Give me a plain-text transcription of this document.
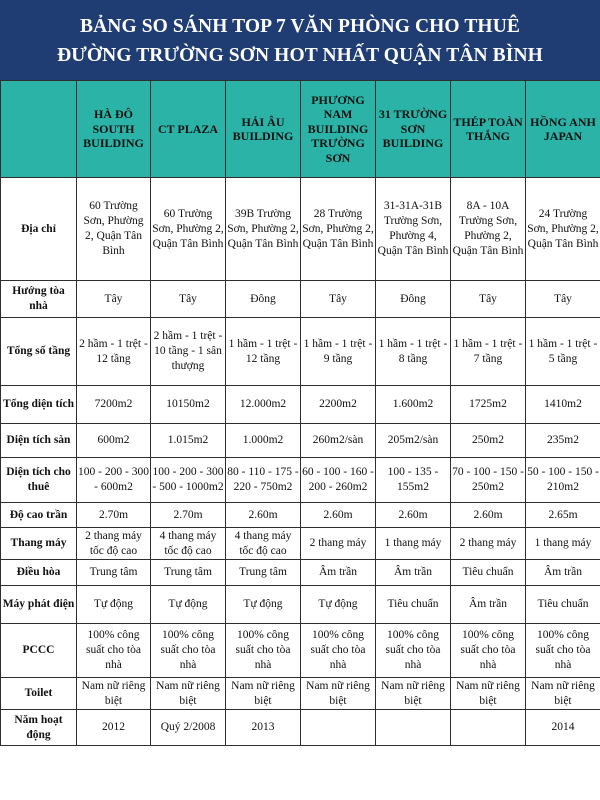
BẢNG SO SÁNH TOP 7 VĂN PHÒNG CHO THUÊ
ĐƯỜNG TRƯỜNG SƠN HOT NHẤT QUẬN TÂN BÌNH
	HÀ ĐÔ SOUTH BUILDING	CT PLAZA	HẢI ÂU BUILDING	PHƯƠNG NAM BUILDING TRƯỜNG SƠN	31 TRƯỜNG SƠN BUILDING	THÉP TOÀN THẮNG	HỒNG ANH JAPAN
Địa chỉ	60 Trường Sơn, Phường 2, Quận Tân Bình	60 Trường Sơn, Phường 2, Quận Tân Bình	39B Trường Sơn, Phường 2, Quận Tân Bình	28 Trường Sơn, Phường 2, Quận Tân Bình	31-31A-31B Trường Sơn, Phường 4, Quận Tân Bình	8A - 10A Trường Sơn, Phường 2, Quận Tân Bình	24 Trường Sơn, Phường 2, Quận Tân Bình
Hướng tòa nhà	Tây	Tây	Đông	Tây	Đông	Tây	Tây
Tổng số tầng	2 hầm - 1 trệt - 12 tầng	2 hầm - 1 trệt - 10 tầng - 1 sân thượng	1 hầm - 1 trệt - 12 tầng	1 hầm - 1 trệt - 9 tầng	1 hầm - 1 trệt - 8 tầng	1 hầm - 1 trệt - 7 tầng	1 hầm - 1 trệt - 5 tầng
Tổng diện tích	7200m2	10150m2	12.000m2	2200m2	1.600m2	1725m2	1410m2
Diện tích sàn	600m2	1.015m2	1.000m2	260m2/sàn	205m2/sàn	250m2	235m2
Diện tích cho thuê	100 - 200 - 300 - 600m2	100 - 200 - 300 - 500 - 1000m2	80 - 110 - 175 - 220 - 750m2	60 - 100 - 160 - 200 - 260m2	100 - 135 - 155m2	70 - 100 - 150 - 250m2	50 - 100 - 150 - 210m2
Độ cao trần	2.70m	2.70m	2.60m	2.60m	2.60m	2.60m	2.65m
Thang máy	2 thang máy tốc độ cao	4 thang máy tốc độ cao	4 thang máy tốc độ cao	2 thang máy	1 thang máy	2 thang máy	1 thang máy
Điều hòa	Trung tâm	Trung tâm	Trung tâm	Âm trần	Âm trần	Tiêu chuẩn	Âm trần
Máy phát điện	Tự động	Tự động	Tự động	Tự động	Tiêu chuẩn	Âm trần	Tiêu chuẩn
PCCC	100% công suất cho tòa nhà	100% công suất cho tòa nhà	100% công suất cho tòa nhà	100% công suất cho tòa nhà	100% công suất cho tòa nhà	100% công suất cho tòa nhà	100% công suất cho tòa nhà
Toilet	Nam nữ riêng biệt	Nam nữ riêng biệt	Nam nữ riêng biệt	Nam nữ riêng biệt	Nam nữ riêng biệt	Nam nữ riêng biệt	Nam nữ riêng biệt
Năm hoạt động	2012	Quý 2/2008	2013				2014
